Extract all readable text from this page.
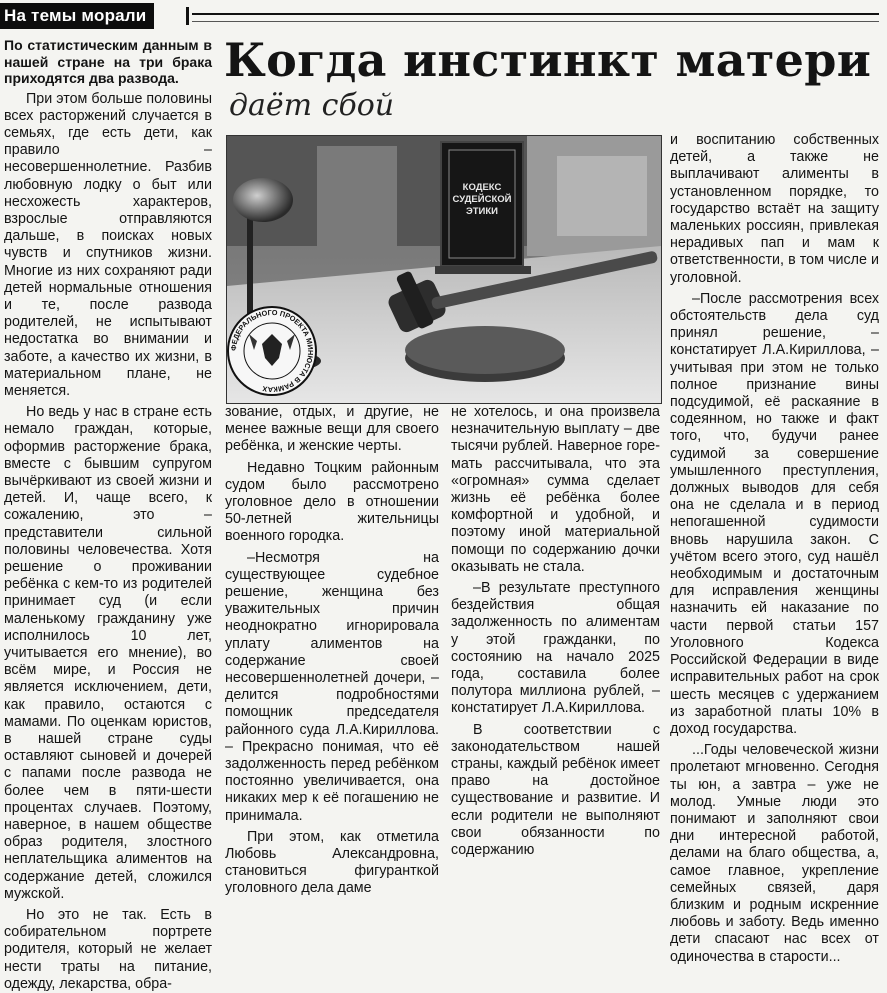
На темы морали

По статистическим данным в нашей стране на три брака приходятся два развода.

При этом больше половины всех расторжений случается в семьях, где есть дети, как правило – несовершеннолетние. Разбив любовную лодку о быт или несхожесть характеров, взрослые отправляются дальше, в поисках новых чувств и спутников жизни. Многие из них сохраняют ради детей нормальные отношения и те, после развода родителей, не испытывают недостатка во внимании и заботе, а качество их жизни, в материальном плане, не меняется.

Но ведь у нас в стране есть немало граждан, которые, оформив расторжение брака, вместе с бывшим супругом вычёркивают из своей жизни и детей. И, чаще всего, к сожалению, это – представители сильной половины человечества. Хотя решение о проживании ребёнка с кем-то из родителей принимает суд (и если маленькому гражданину уже исполнилось 10 лет, учитывается его мнение), во всём мире, и Россия не является исключением, дети, как правило, остаются с мамами. По оценкам юристов, в нашей стране суды оставляют сыновей и дочерей с папами после развода не более чем в пяти-шести процентах случаев. Поэтому, наверное, в нашем обществе образ родителя, злостного неплательщика алиментов на содержание детей, сложился мужской.

Но это не так. Есть в собирательном портрете родителя, который не желает нести траты на питание, одежду, лекарства, обра-

Когда инстинкт матери
даёт сбой
КОДЕКС
СУДЕЙСКОЙ
ЭТИКИ
ФЕДЕРАЛЬНОГО ПРОЕКТА МИНЮСТА В РАМКАХ

зование, отдых, и другие, не менее важные вещи для своего ребёнка, и женские черты.

Недавно Тоцким районным судом было рассмотрено уголовное дело в отношении 50-летней жительницы военного городка.

–Несмотря на существующее судебное решение, женщина без уважительных причин неоднократно игнорировала уплату алиментов на содержание своей несовершеннолетней дочери, – делится подробностями помощник председателя районного суда Л.А.Кириллова. – Прекрасно понимая, что её задолженность перед ребёнком постоянно увеличивается, она никаких мер к её погашению не принимала.

При этом, как отметила Любовь Александровна, становиться фигуранткой уголовного дела даме

не хотелось, и она произвела незначительную выплату – две тысячи рублей. Наверное горе-мать рассчитывала, что эта «огромная» сумма сделает жизнь её ребёнка более комфортной и удобной, и поэтому иной материальной помощи по содержанию дочки оказывать не стала.

–В результате преступного бездействия общая задолженность по алиментам у этой гражданки, по состоянию на начало 2025 года, составила более полутора миллиона рублей, – констатирует Л.А.Кириллова.

В соответствии с законодательством нашей страны, каждый ребёнок имеет право на достойное существование и развитие. И если родители не выполняют свои обязанности по содержанию

и воспитанию собственных детей, а также не выплачивают алименты в установленном порядке, то государство встаёт на защиту маленьких россиян, привлекая нерадивых пап и мам к ответственности, в том числе и уголовной.

–После рассмотрения всех обстоятельств дела суд принял решение, – констатирует Л.А.Кириллова, – учитывая при этом не только полное признание вины подсудимой, её раскаяние в содеянном, но также и факт того, что, будучи ранее судимой за совершение умышленного преступления, должных выводов для себя она не сделала и в период непогашенной судимости вновь нарушила закон. С учётом всего этого, суд нашёл необходимым и достаточным для исправления женщины назначить ей наказание по части первой статьи 157 Уголовного Кодекса Российской Федерации в виде исправительных работ на срок шесть месяцев с удержанием из заработной платы 10% в доход государства.

...Годы человеческой жизни пролетают мгновенно. Сегодня ты юн, а завтра – уже не молод. Умные люди это понимают и заполняют свои дни интересной работой, делами на благо общества, а, самое главное, укрепление семейных связей, даря близким и родным искренние любовь и заботу. Ведь именно дети спасают нас всех от одиночества в старости...
